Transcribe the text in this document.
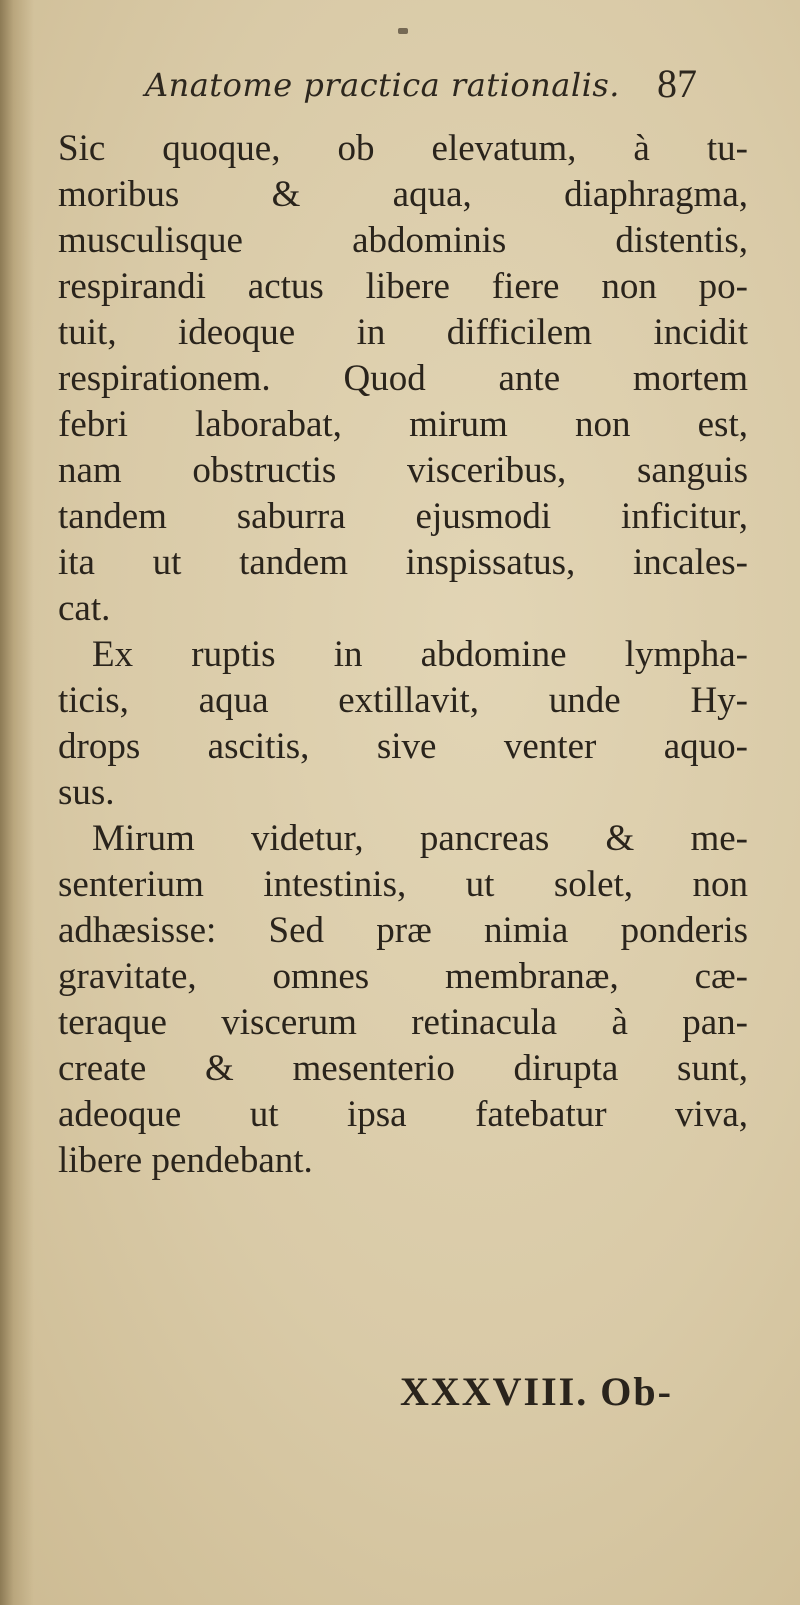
Anatome practica rationalis. 87
Sic quoque, ob elevatum, à tu-
moribus & aqua, diaphragma,
musculisque abdominis distentis,
respirandi actus libere fiere non po-
tuit, ideoque in difficilem incidit
respirationem. Quod ante mortem
febri laborabat, mirum non est,
nam obstructis visceribus, sanguis
tandem saburra ejusmodi inficitur,
ita ut tandem inspissatus, incales-
cat.
Ex ruptis in abdomine lympha-
ticis, aqua extillavit, unde Hy-
drops ascitis, sive venter aquo-
sus.
Mirum videtur, pancreas & me-
senterium intestinis, ut solet, non
adhæsisse: Sed præ nimia ponderis
gravitate, omnes membranæ, cæ-
teraque viscerum retinacula à pan-
create & mesenterio dirupta sunt,
adeoque ut ipsa fatebatur viva,
libere pendebant.
XXXVIII. Ob-
